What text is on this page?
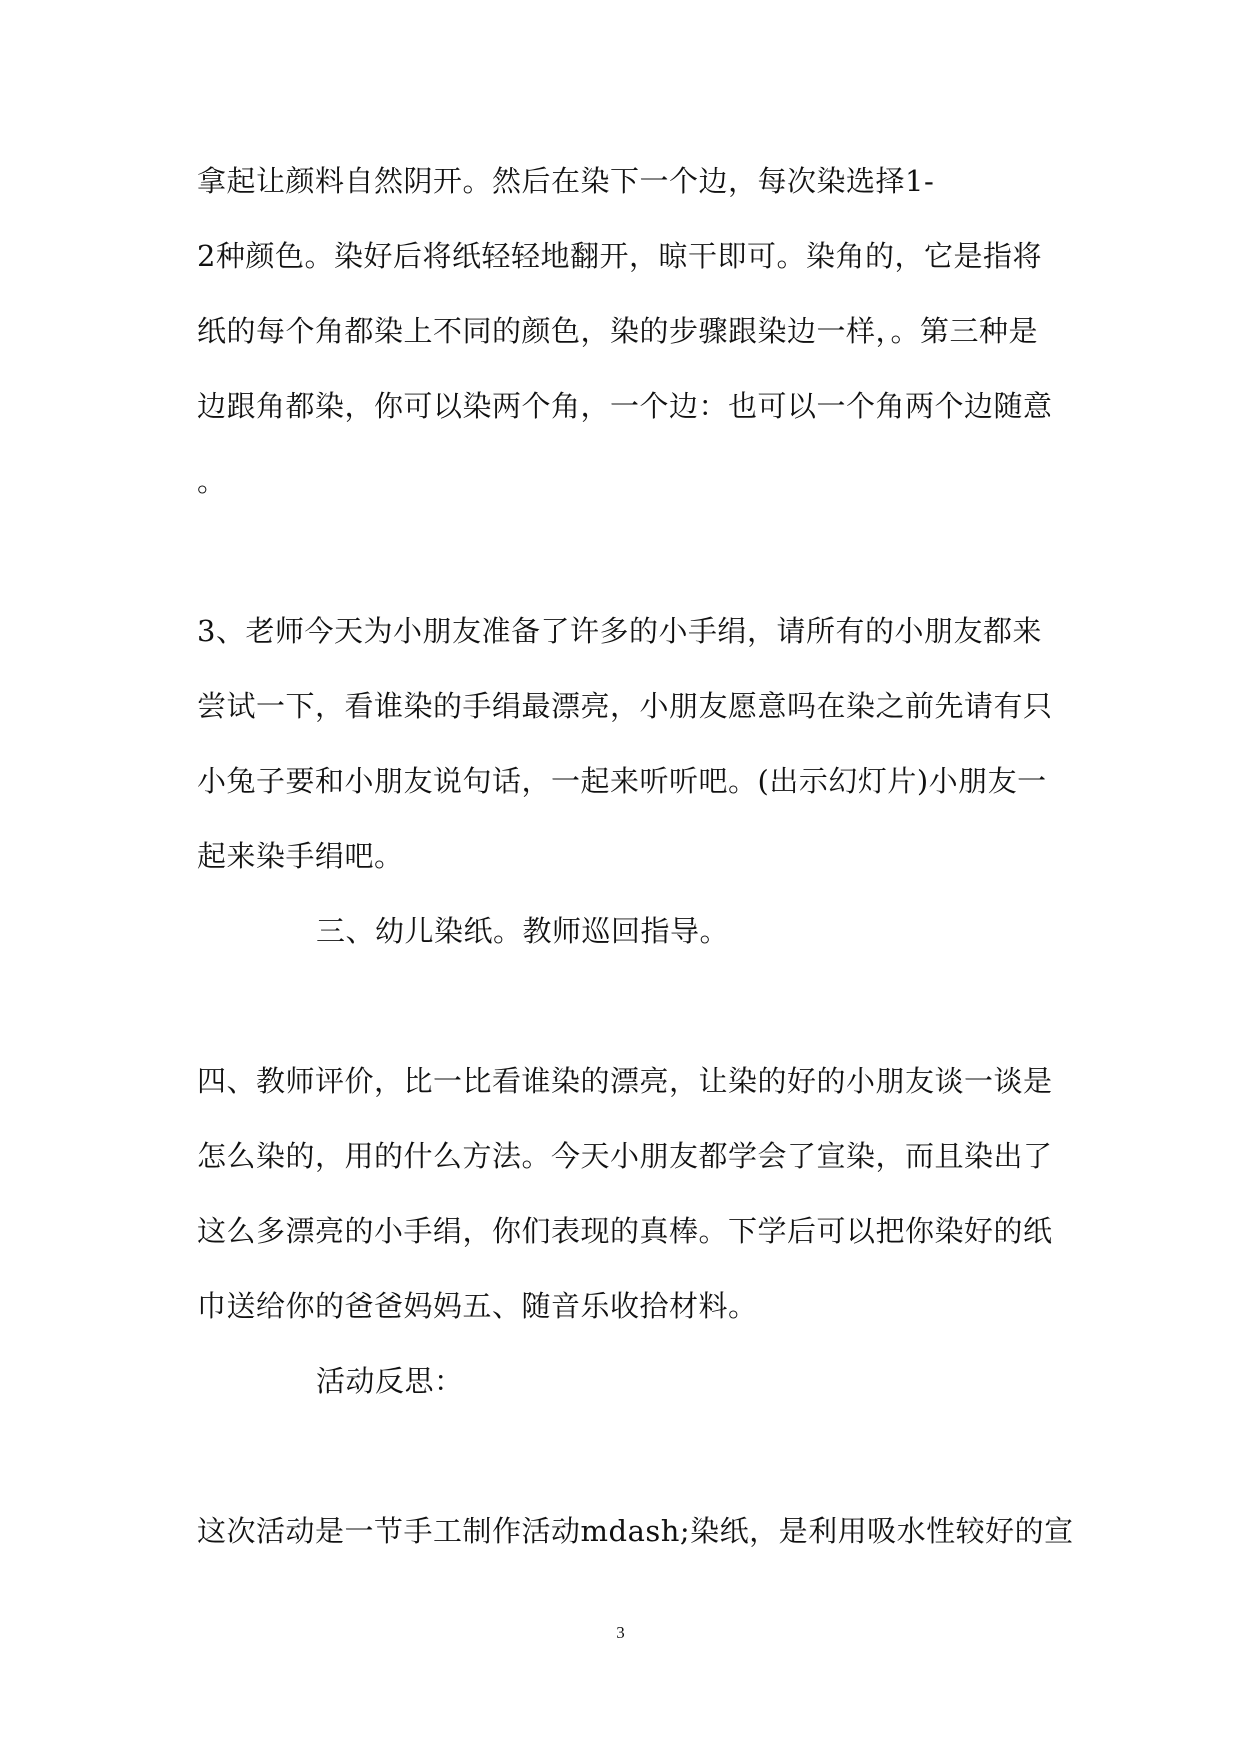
拿起让颜料自然阴开。然后在染下一个边，每次染选择1-
2种颜色。染好后将纸轻轻地翻开，晾干即可。染角的，它是指将
纸的每个角都染上不同的颜色，染的步骤跟染边一样，。第三种是
边跟角都染，你可以染两个角，一个边：也可以一个角两个边随意
。
3、老师今天为小朋友准备了许多的小手绢，请所有的小朋友都来
尝试一下，看谁染的手绢最漂亮，小朋友愿意吗在染之前先请有只
小兔子要和小朋友说句话，一起来听听吧。(出示幻灯片)小朋友一
起来染手绢吧。
三、幼儿染纸。教师巡回指导。
四、教师评价，比一比看谁染的漂亮，让染的好的小朋友谈一谈是
怎么染的，用的什么方法。今天小朋友都学会了宣染，而且染出了
这么多漂亮的小手绢，你们表现的真棒。下学后可以把你染好的纸
巾送给你的爸爸妈妈五、随音乐收拾材料。
活动反思：
这次活动是一节手工制作活动mdash;染纸，是利用吸水性较好的宣
3
